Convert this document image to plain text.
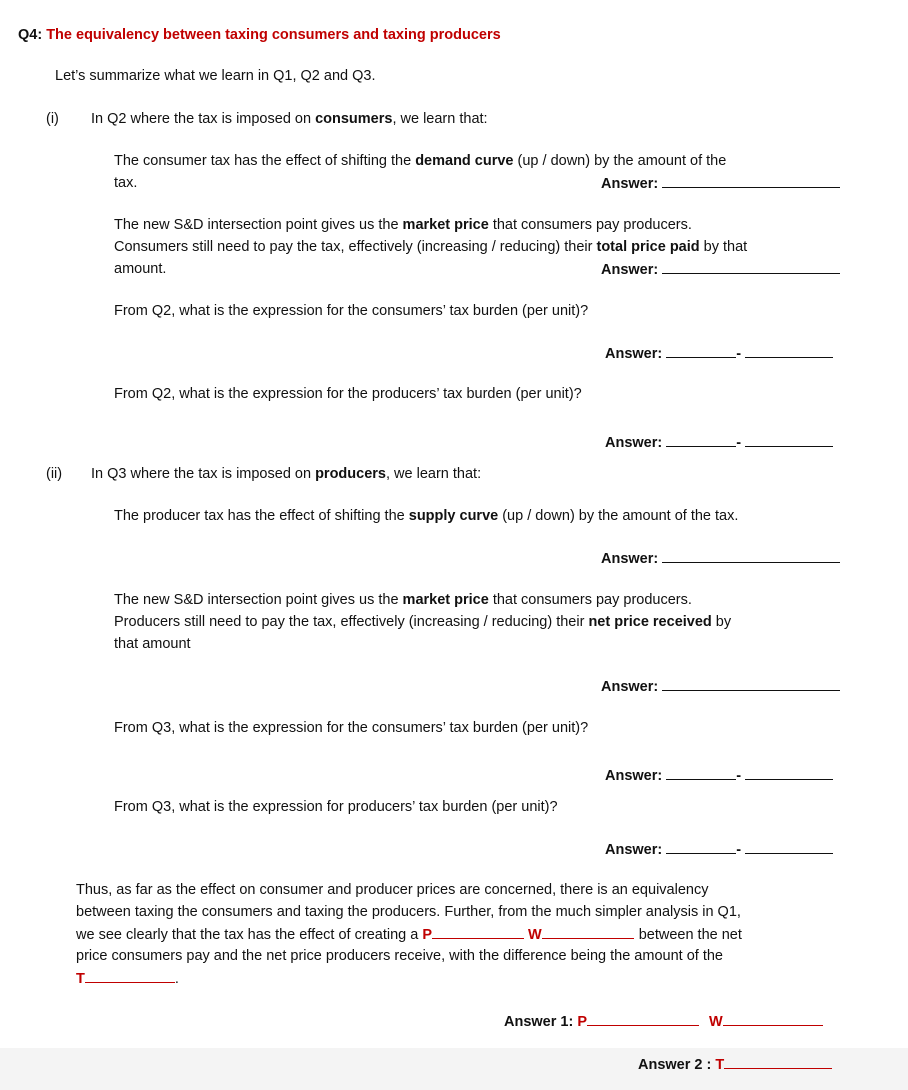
Q4: The equivalency between taxing consumers and taxing producers
Let’s summarize what we learn in Q1, Q2 and Q3.
(i) In Q2 where the tax is imposed on consumers, we learn that:
The consumer tax has the effect of shifting the demand curve (up / down) by the amount of the
tax.	Answer:
The new S&D intersection point gives us the market price that consumers pay producers.
Consumers still need to pay the tax, effectively (increasing / reducing) their total price paid by that
amount.	Answer:
From Q2, what is the expression for the consumers’ tax burden (per unit)?
Answer:	-
From Q2, what is the expression for the producers’ tax burden (per unit)?
Answer:	-
(ii) In Q3 where the tax is imposed on producers, we learn that:
The producer tax has the effect of shifting the supply curve (up / down) by the amount of the tax.
Answer:
The new S&D intersection point gives us the market price that consumers pay producers.
Producers still need to pay the tax, effectively (increasing / reducing) their net price received by
that amount
Answer:
From Q3, what is the expression for the consumers’ tax burden (per unit)?
Answer:	-
From Q3, what is the expression for producers’ tax burden (per unit)?
Answer:	-
Thus, as far as the effect on consumer and producer prices are concerned, there is an equivalency
between taxing the consumers and taxing the producers. Further, from the much simpler analysis in Q1,
we see clearly that the tax has the effect of creating a P	W	between the net
price consumers pay and the net price producers receive, with the difference being the amount of the
T	.
Answer 1: P	W
Answer 2 : T
